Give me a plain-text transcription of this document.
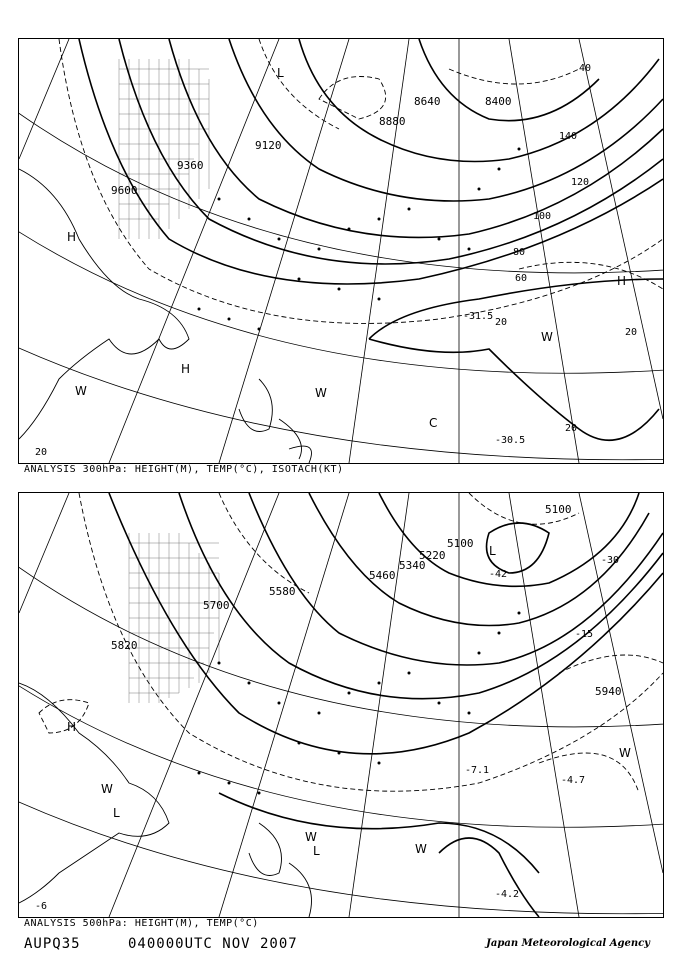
9600
9360
9120
8880
8640	8400
140
120
100
80
60
40
20
20
20
20
-31.5
-30.5
H
H
H
W	W
W
C
L
ANALYSIS 300hPa: HEIGHT(M), TEMP(°C), ISOTACH(KT)
5820
5700
5580
5460
5340
5220
5100
5100
5940
-30
-42
-15
-7.1
-4.7
-4.2
-6
H
L
W
L
W
W
W
L
ANALYSIS 500hPa: HEIGHT(M), TEMP(°C)
AUPQ35	040000UTC NOV 2007	Japan Meteorological Agency
